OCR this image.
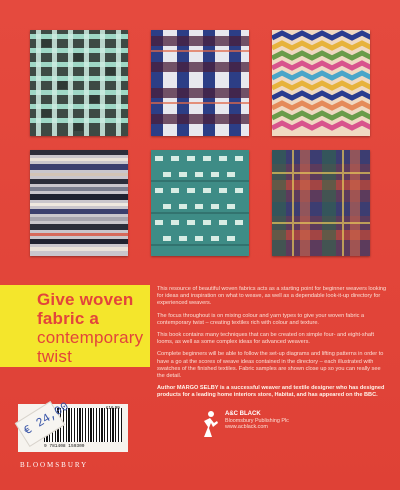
Give woven
fabric a
contemporary
twist

This resource of beautiful woven fabrics acts as a starting point for beginner weavers looking for ideas and inspiration on what to weave, as well as a dependable look-it-up directory for experienced weavers.

The focus throughout is on mixing colour and yarn types to give your woven fabric a contemporary twist – creating textiles rich with colour and texture.

This book contains many techniques that can be created on simple four- and eight-shaft looms, as well as some complex ideas for advanced weavers.

Complete beginners will be able to follow the set-up diagrams and lifting patterns in order to have a go at the scores of weave ideas contained in the directory – each illustrated with swatches of the finished textiles. Fabric samples are shown close up so you can really see the detail.

Author MARGO SELBY is a successful weaver and textile designer who has designed products for a leading home interiors store, Habitat, and has appeared on the BBC.

9 781408 159309
£16.99
€ 24,00
BLOOMSBURY
A&C BLACK
Bloomsbury Publishing Plc
www.acblack.com
